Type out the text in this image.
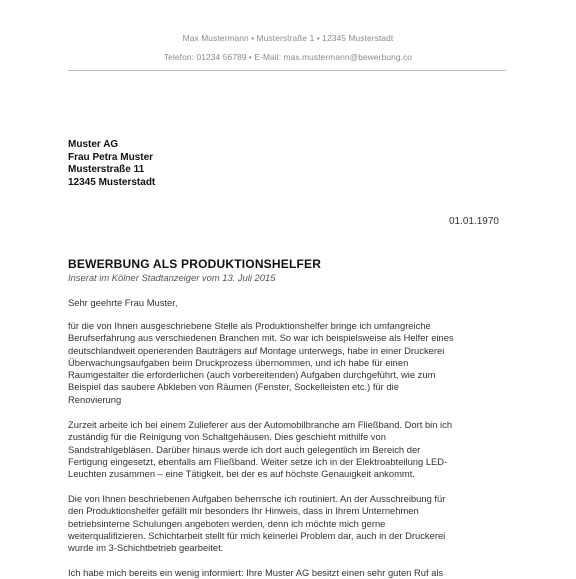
Max Mustermann • Musterstraße 1 • 12345 Musterstadt
Telefon: 01234 56789 • E-Mail: max.mustermann@bewerbung.co
Muster AG
Frau Petra Muster
Musterstraße 11
12345 Musterstadt
01.01.1970
BEWERBUNG ALS PRODUKTIONSHELFER
Inserat im Kölner Stadtanzeiger vom 13. Juli 2015
Sehr geehrte Frau Muster,
für die von Ihnen ausgeschriebene Stelle als Produktionshelfer bringe ich umfangreiche
Berufserfahrung aus verschiedenen Branchen mit. So war ich beispielsweise als Helfer eines
deutschlandweit operierenden Bauträgers auf Montage unterwegs, habe in einer Druckerei
Überwachungsaufgaben beim Druckprozess übernommen, und ich habe für einen
Raumgestalter die erforderlichen (auch vorbereitenden) Aufgaben durchgeführt, wie zum
Beispiel das saubere Abkleben von Räumen (Fenster, Sockelleisten etc.) für die
Renovierung
Zurzeit arbeite ich bei einem Zulieferer aus der Automobilbranche am Fließband. Dort bin ich
zuständig für die Reinigung von Schaltgehäusen. Dies geschieht mithilfe von
Sandstrahlgebläsen. Darüber hinaus werde ich dort auch gelegentlich im Bereich der
Fertigung eingesetzt, ebenfalls am Fließband. Weiter setze ich in der Elektroabteilung LED-
Leuchten zusammen – eine Tätigkeit, bei der es auf höchste Genauigkeit ankommt.
Die von Ihnen beschriebenen Aufgaben beherrsche ich routiniert. An der Ausschreibung für
den Produktionshelfer gefällt mir besonders Ihr Hinweis, dass in Ihrem Unternehmen
betriebsinterne Schulungen angeboten werden, denn ich möchte mich gerne
weiterqualifizieren. Schichtarbeit stellt für mich keinerlei Problem dar, auch in der Druckerei
wurde im 3-Schichtbetrieb gearbeitet.
Ich habe mich bereits ein wenig informiert: Ihre Muster AG besitzt einen sehr guten Ruf als
